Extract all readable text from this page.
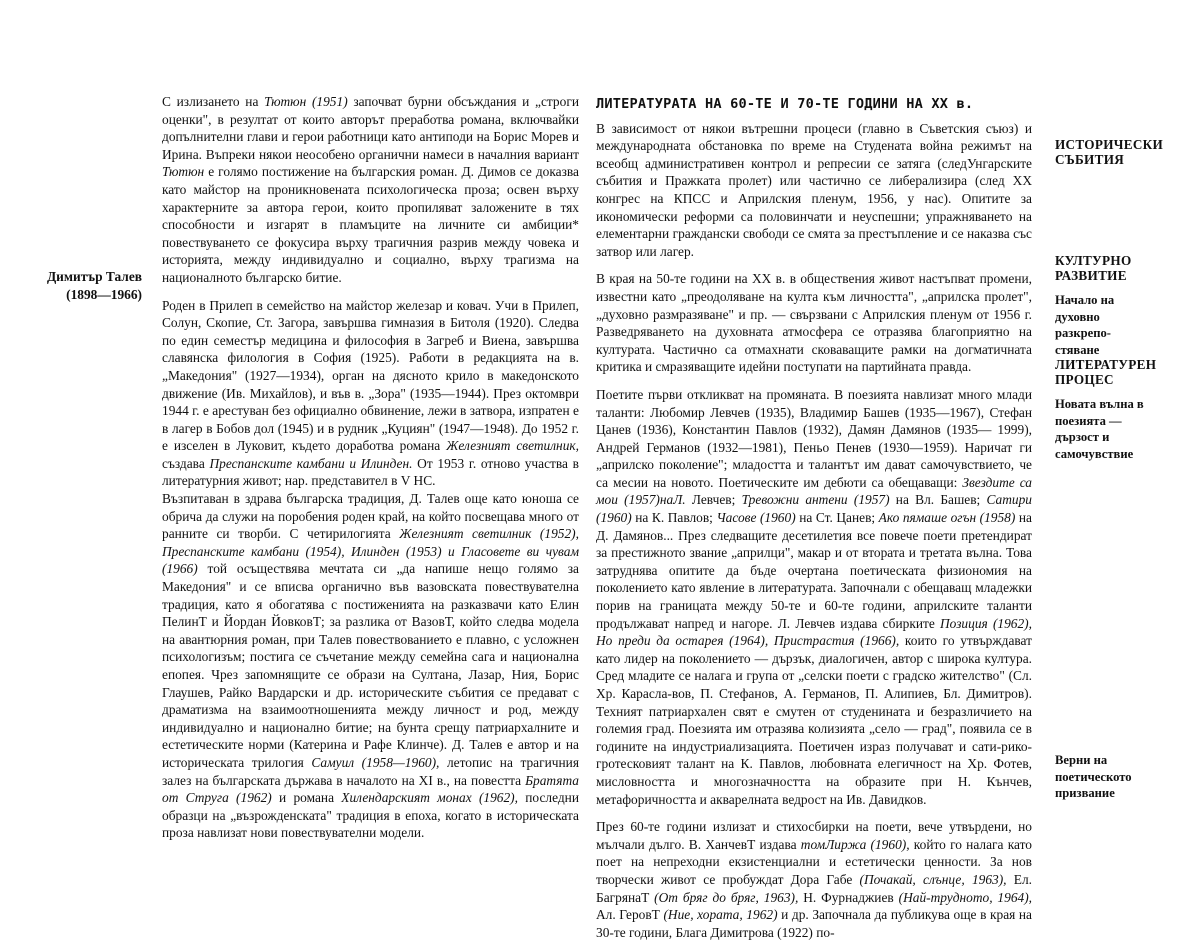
Димитър Талев
(1898—1966)

С излизането на Тютюн (1951) започват бурни обсъждания и „строги оценки", в резултат от които авторът преработва романа, включвайки допълнителни глави и герои работници като антиподи на Борис Морев и Ирина. Въпреки някои неособено органични намеси в началния вариант Тютюн е голямо постижение на българския роман. Д. Димов се доказва като майстор на проникновената психологическа проза; освен върху характерните за автора герои, които пропиляват заложените в тях способности и изгарят в пламъците на личните си амбиции* повествуването се фокусира върху трагичния разрив между човека и историята, между индивидуално и социално, върху трагизма на националното българско битие.

Роден в Прилеп в семейство на майстор железар и ковач. Учи в Прилеп, Солун, Скопие, Ст. Загора, завършва гимназия в Битоля (1920). Следва по един семестър медицина и философия в Загреб и Виена, завършва славянска филология в София (1925). Работи в редакцията на в. „Македония" (1927—1934), орган на дясното крило в македонското движение (Ив. Михайлов), и във в. „Зора" (1935—1944). През октомври 1944 г. е арестуван без официално обвинение, лежи в затвора, изпратен е в лагер в Бобов дол (1945) и в рудник „Куциян" (1947—1948). До 1952 г. е изселен в Луковит, където доработва романа Железният светилник, създава Преспанските камбани и Илинден. От 1953 г. отново участва в литературния живот; нар. представител в V НС.

Възпитаван в здрава българска традиция, Д. Талев още като юноша се обрича да служи на поробения роден край, на който посвещава много от ранните си творби. С четирилогията Железният светилник (1952), Преспанските камбани (1954), Илинден (1953) и Гласовете ви чувам (1966) той осъществява мечтата си „да напише нещо голямо за Македония" и се вписва органично във вазовската повествувателна традиция, като я обогатява с постиженията на разказвачи като Елин ПелинТ и Йордан ЙовковТ; за разлика от ВазовТ, който следва модела на авантюрния роман, при Талев повествованието е плавно, с усложнен психологизъм; постига се съчетание между семейна сага и национална епопея. Чрез запомнящите се образи на Султана, Лазар, Ния, Борис Глаушев, Райко Вардарски и др. историческите събития се предават с драматизма на взаимоотношенията между личност и род, между индивидуално и национално битие; на бунта срещу патриархалните и естетическите норми (Катерина и Рафе Клинче). Д. Талев е автор и на историческата трилогия Самуил (1958—1960), летопис на трагичния залез на българската държава в началото на XI в., на повестта Братята от Струга (1962) и романа Хилендарският монах (1962), последни образци на „възрожденската" традиция в епоха, когато в историческата проза навлизат нови повествувателни модели.

ЛИТЕРАТУРАТА НА 60-ТЕ И 70-ТЕ ГОДИНИ НА XX в.

В зависимост от някои вътрешни процеси (главно в Съветския съюз) и международната обстановка по време на Студената война режимът на всеобщ административен контрол и репресии се затяга (следУнгарските събития и Пражката пролет) или частично се либерализира (след XX конгрес на КПСС и Априлския пленум, 1956, у нас). Опитите за икономически реформи са половинчати и неуспешни; упражняването на елементарни граждански свободи се смята за престъпление и се наказва със затвор или лагер.

В края на 50-те години на XX в. в обществения живот настъпват промени, известни като „преодоляване на култа към личността", „априлска пролет", „духовно размразяване" и пр. — свързвани с Априлския пленум от 1956 г. Разведряването на духовната атмосфера се отразява благоприятно на културата. Частично са отмахнати сковаващите рамки на догматичната критика и смразяващите идейни поступати на партийната правда.

Поетите първи откликват на промяната. В поезията навлизат много млади таланти: Любомир Левчев (1935), Владимир Башев (1935—1967), Стефан Цанев (1936), Константин Павлов (1932), Дамян Дамянов (1935— 1999), Андрей Германов (1932—1981), Пеньо Пенев (1930—1959). Наричат ги „априлско поколение"; младостта и талантът им дават самочувствието, че са месии на новото. Поетическите им дебюти са обещаващи: Звездите са мои (1957)наЛ. Левчев; Тревожни антени (1957) на Вл. Башев; Сатири (1960) на К. Павлов; Часове (1960) на Ст. Цанев; Ако пямаше огън (1958) на Д. Дамянов... През следващите десетилетия все повече поети претендират за престижното звание „априлци", макар и от втората и третата вълна. Това затруднява опитите да бъде очертана поетическата физиономия на поколението като явление в литературата. Започнали с обещаващ младежки порив на границата между 50-те и 60-те години, априлските таланти продължават напред и нагоре. Л. Левчев издава сбирките Позиция (1962), Но преди да остарея (1964), Пристрастия (1966), които го утвърждават като лидер на поколението — дързък, диалогичен, автор с широка култура. Сред младите се налага и група от „селски поети с градско жителство" (Сл. Хр. Карасла-вов, П. Стефанов, А. Германов, П. Алипиев, Бл. Димитров). Техният патриархален свят е смутен от студенината и безразличието на големия град. Поезията им отразява колизията „село — град", появила се в годините на индустриализацията. Поетичен израз получават и сати-рико-гротесковият талант на К. Павлов, любовната елегичност на Хр. Фотев, мисловността и многозначността на образите при Н. Кънчев, метафоричността и акварелната ведрост на Ив. Давидков.

През 60-те години излизат и стихосбирки на поети, вече утвърдени, но мълчали дълго. В. ХанчевТ издава томЛиржа (1960), който го налага като поет на непреходни екзистенциални и естетически ценности. За нов творчески живот се пробуждат Дора Габе (Почакай, слънце, 1963), Ел. БагрянаТ (От бряг до бряг, 1963), Н. Фурнаджиев (Най-трудното, 1964), Ал. ГеровТ (Ние, хората, 1962) и др. Започнала да публикува още в края на 30-те години, Блага Димитрова (1922) по-

ИСТОРИЧЕСКИ
СЪБИТИЯ
КУЛТУРНО
РАЗВИТИЕ
Начало на
духовно
разкрепо-
стяване
ЛИТЕРАТУРЕН
ПРОЦЕС
Новата вълна в
поезията —
дързост и
самочувствие
Верни на
поетическото
призвание
